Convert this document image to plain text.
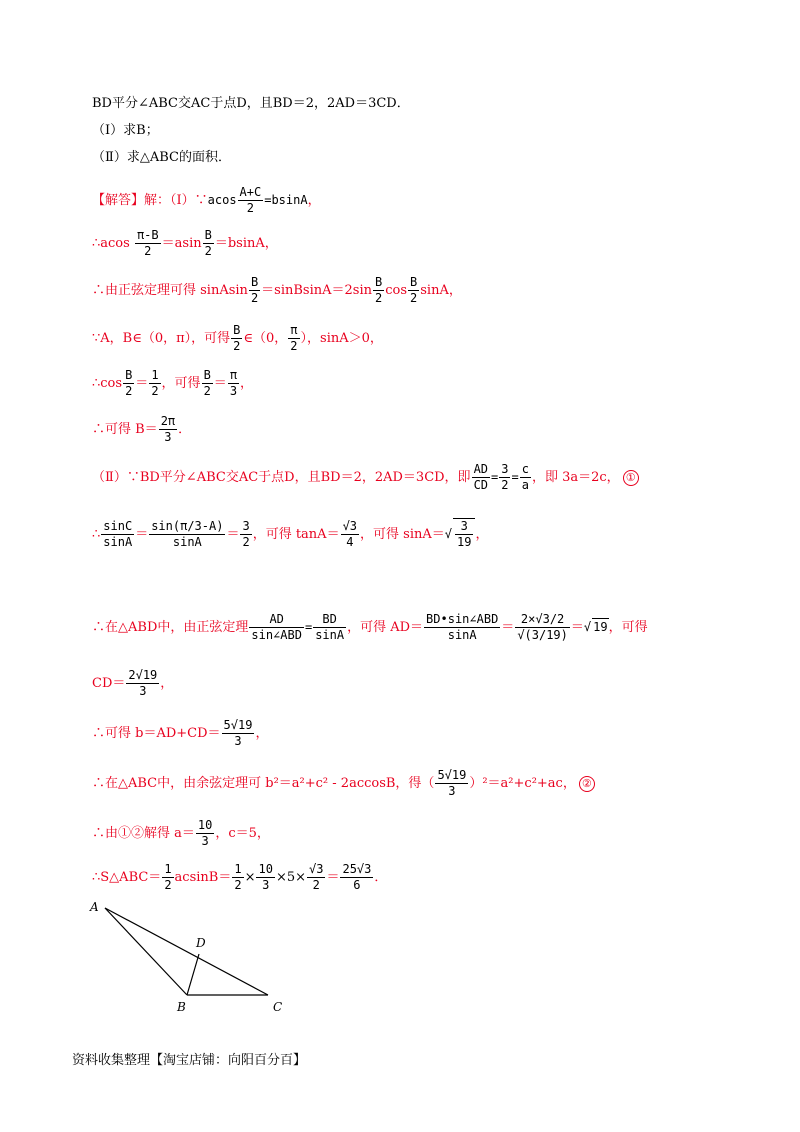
BD平分∠ABC交AC于点D，且BD＝2，2AD＝3CD．
（Ⅰ）求B；
（Ⅱ）求△ABC的面积．
【解答】解：（Ⅰ）∵acos $\frac{A+C}{2} =bsinA$，
∴acos $\frac{\pi-B}{2} =asin \frac{B}{2} =bsinA$，
∴由正弦定理可得 sinAsin $\frac{B}{2}$ ＝sinBsinA＝2sin $\frac{B}{2}$ $\cos \frac{B}{2}$ sinA，
∵A，B∈（0，π），可得 $\frac{B}{2}$ ∈（0， $\frac{\pi}{2}$ ），sinA＞0，
∴cos $\frac{B}{2} = \frac{1}{2}$ ，可得 $\frac{B}{2} = \frac{\pi}{3}$ ，
∴可得 $B= \frac{2\pi}{3}$ ．
（Ⅱ）∵BD平分∠ABC交AC于点D，且BD＝2，2AD＝3CD，即 $\frac{AD}{CD} = \frac{3}{2} = \frac{c}{a}$ ，即 3a＝2c， ①
∴ $\frac{\sin C}{\sin A} = \frac{\sin(\pi/3-A)}{\sin A} = \frac{3}{2}$ ，可得 $\tan A= \frac{√3}{4}$ ，可得 $\sin A=√ \frac{3}{19}$ ，
∴在△ABD中，由正弦定理
AD
sin∠ABD
= $\frac{BD}{\sin A}$ ，可得 AD＝
BD•sin∠ABD
sinA	＝ $\frac{2\times√3/2}{√(3/19)}$ ＝√ 19，可得
$CD= \frac{2√19}{3}$ ，
∴可得 $b=AD+CD= \frac{5√19}{3}$ ，
∴在△ABC中，由余弦定理可 b²＝a²+c² - 2accosB，得（ $\frac{5√19}{3} )^2=a^2+c^2+ac$， ②
∴由①②解得 $a= \frac{10}{3}$ ，c＝5，
∴S△ABC＝ $\frac{1}{2} acsinB= \frac{1}{2} \times \frac{10}{3} \times 5\times \frac{√3}{2} = \frac{25√3}{6}$ ．
A
D
B	C
资料收集整理【淘宝店铺：向阳百分百】
